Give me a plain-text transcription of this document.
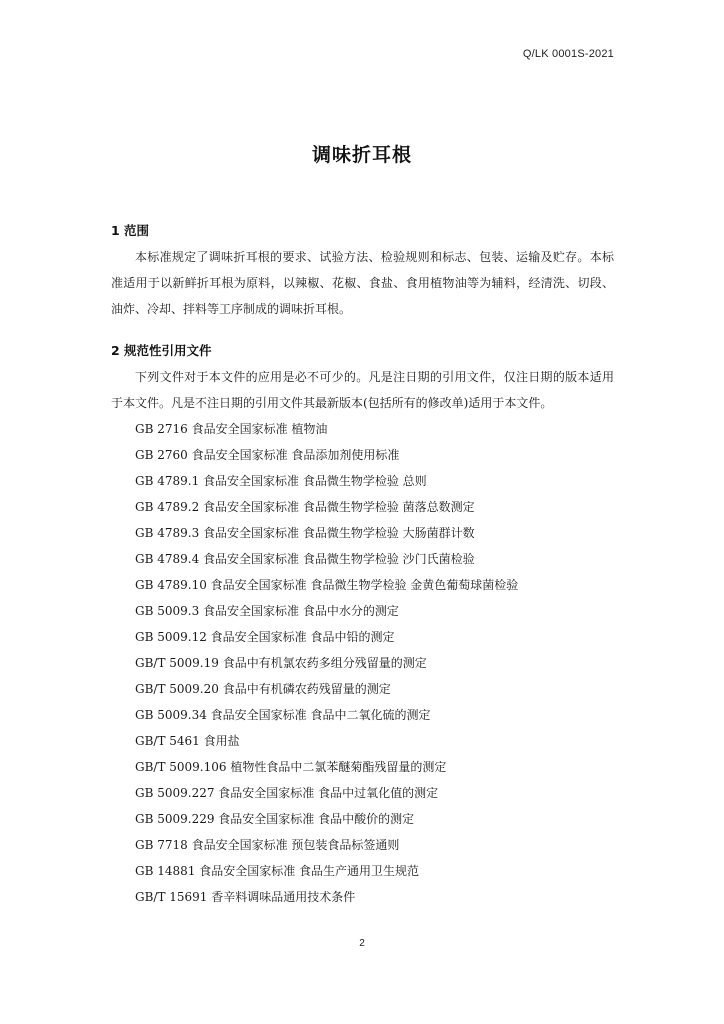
Q/LK 0001S-2021
调味折耳根
1 范围

本标准规定了调味折耳根的要求、试验方法、检验规则和标志、包装、运输及贮存。本标准适用于以新鲜折耳根为原料，以辣椒、花椒、食盐、食用植物油等为辅料，经清洗、切段、油炸、冷却、拌料等工序制成的调味折耳根。

2 规范性引用文件

下列文件对于本文件的应用是必不可少的。凡是注日期的引用文件，仅注日期的版本适用于本文件。凡是不注日期的引用文件其最新版本(包括所有的修改单)适用于本文件。

GB 2716 食品安全国家标准 植物油
GB 2760 食品安全国家标准 食品添加剂使用标准
GB 4789.1 食品安全国家标准 食品微生物学检验 总则
GB 4789.2 食品安全国家标准 食品微生物学检验 菌落总数测定
GB 4789.3 食品安全国家标准 食品微生物学检验 大肠菌群计数
GB 4789.4 食品安全国家标准 食品微生物学检验 沙门氏菌检验
GB 4789.10 食品安全国家标准 食品微生物学检验 金黄色葡萄球菌检验
GB 5009.3 食品安全国家标准 食品中水分的测定
GB 5009.12 食品安全国家标准 食品中铅的测定
GB/T 5009.19 食品中有机氯农药多组分残留量的测定
GB/T 5009.20 食品中有机磷农药残留量的测定
GB 5009.34 食品安全国家标准 食品中二氧化硫的测定
GB/T 5461 食用盐
GB/T 5009.106 植物性食品中二氯苯醚菊酯残留量的测定
GB 5009.227 食品安全国家标准 食品中过氧化值的测定
GB 5009.229 食品安全国家标准 食品中酸价的测定
GB 7718 食品安全国家标准 预包装食品标签通则
GB 14881 食品安全国家标准 食品生产通用卫生规范
GB/T 15691 香辛料调味品通用技术条件
2
